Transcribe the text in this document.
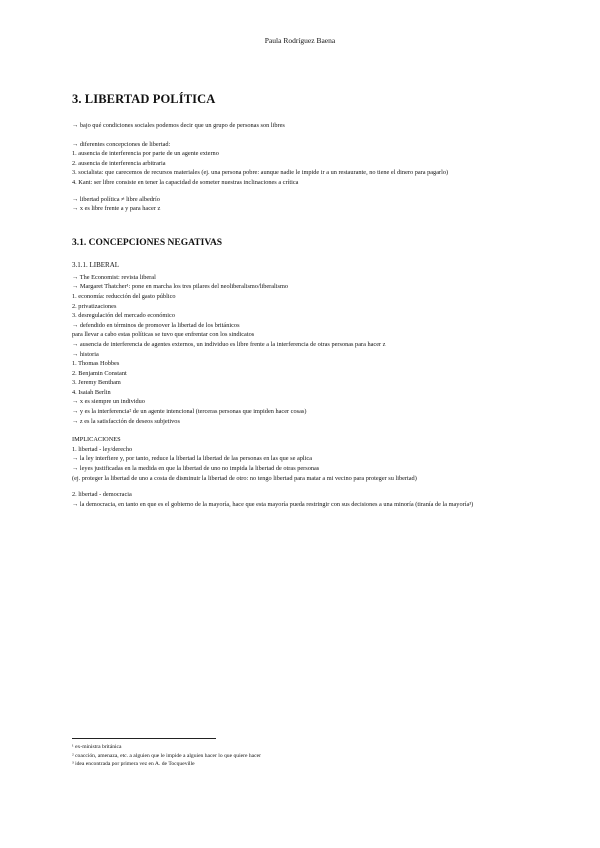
Paula Rodríguez Baena
3. LIBERTAD POLÍTICA
→ bajo qué condiciones sociales podemos decir que un grupo de personas son libres
→ diferentes concepciones de libertad:
1. ausencia de interferencia por parte de un agente externo
2. ausencia de interferencia arbitraria
3. socialista: que carecemos de recursos materiales (ej. una persona pobre: aunque nadie le impide ir a un restaurante, no tiene el dinero para pagarlo)
4. Kant: ser libre consiste en tener la capacidad de someter nuestras inclinaciones a crítica
→ libertad política ≠ libre albedrío
→ x es libre frente a y para hacer z
3.1. CONCEPCIONES NEGATIVAS
3.1.1. LIBERAL
→ The Economist: revista liberal
→ Margaret Thatcher¹: pone en marcha los tres pilares del neoliberalismo/liberalismo
1. economía: reducción del gasto público
2. privatizaciones
3. desregulación del mercado económico
→ defendido en términos de promover la libertad de los británicos
para llevar a cabo estas políticas se tuvo que enfrentar con los sindicatos
→ ausencia de interferencia de agentes externos, un individuo es libre frente a la interferencia de otras personas para hacer z
→ historia
1. Thomas Hobbes
2. Benjamin Constant
3. Jeremy Bentham
4. Isaiah Berlin
→ x es siempre un individuo
→ y es la interferencia² de un agente intencional (terceras personas que impiden hacer cosas)
→ z es la satisfacción de deseos subjetivos
IMPLICACIONES
1. libertad - ley/derecho
→ la ley interfiere y, por tanto, reduce la libertad la libertad de las personas en las que se aplica
→ leyes justificadas en la medida en que la libertad de uno no impida la libertad de otras personas
(ej. proteger la libertad de uno a costa de disminuir la libertad de otro: no tengo libertad para matar a mi vecino para proteger su libertad)
2. libertad - democracia
→ la democracia, en tanto en que es el gobierno de la mayoría, hace que esta mayoría pueda restringir con sus decisiones a una minoría (tiranía de la mayoría³)
¹ ex-ministra británica
² coacción, amenaza, etc. a alguien que le impide a alguien hacer lo que quiere hacer
³ idea encontrada por primera vez en A. de Tocqueville
